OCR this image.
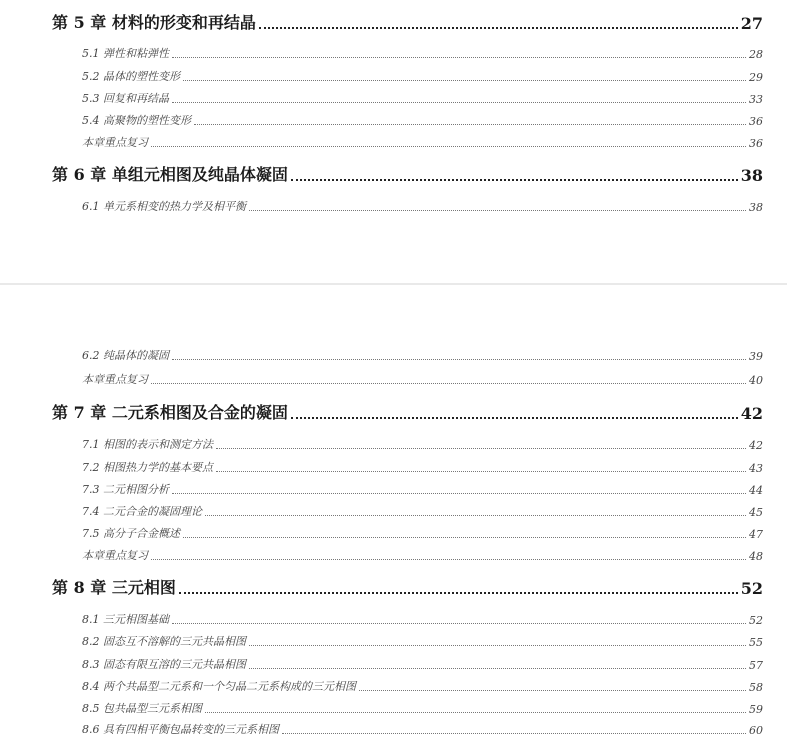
第 5 章 材料的形变和再结晶	27
5.1 弹性和粘弹性	28
5.2 晶体的塑性变形	29
5.3 回复和再结晶	33
5.4 高聚物的塑性变形	36
本章重点复习	36
第 6 章 单组元相图及纯晶体凝固	38
6.1 单元系相变的热力学及相平衡	38
6.2 纯晶体的凝固	39
本章重点复习	40
第 7 章 二元系相图及合金的凝固	42
7.1 相图的表示和测定方法	42
7.2 相图热力学的基本要点	43
7.3 二元相图分析	44
7.4 二元合金的凝固理论	45
7.5 高分子合金概述	47
本章重点复习	48
第 8 章 三元相图	52
8.1 三元相图基础	52
8.2 固态互不溶解的三元共晶相图	55
8.3 固态有限互溶的三元共晶相图	57
8.4 两个共晶型二元系和一个匀晶二元系构成的三元相图	58
8.5 包共晶型三元系相图	59
8.6 具有四相平衡包晶转变的三元系相图	60
